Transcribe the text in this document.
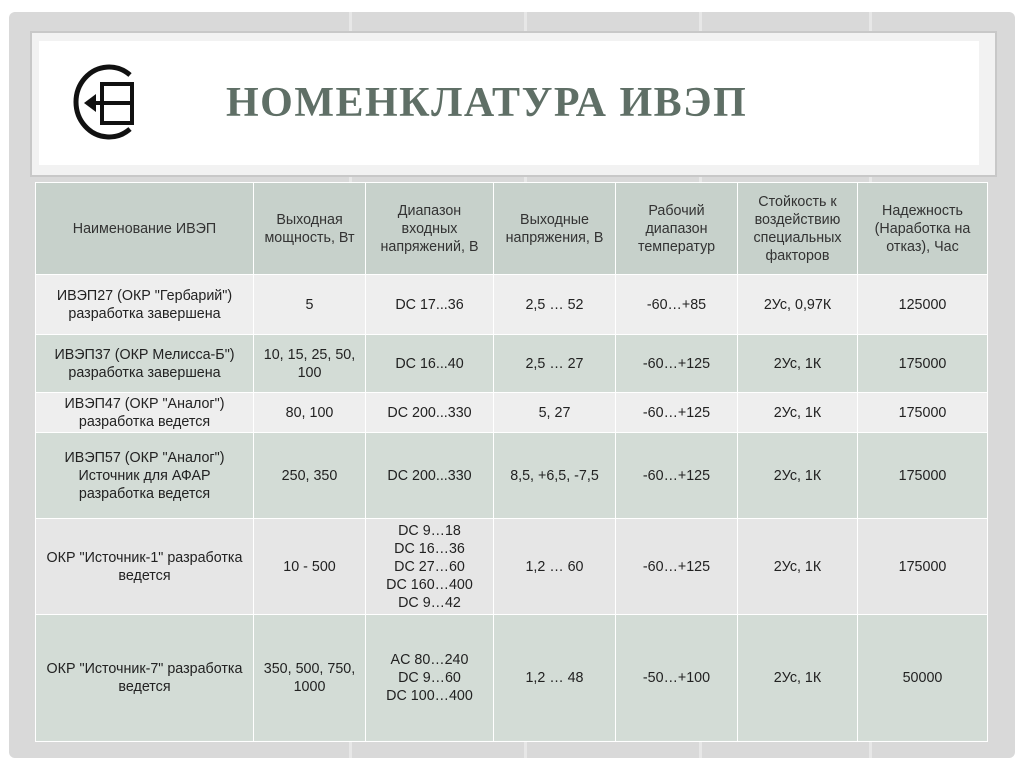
НОМЕНКЛАТУРА ИВЭП
Наименование ИВЭП	Выходная мощность, Вт	Диапазон входных напряжений, В	Выходные напряжения, В	Рабочий диапазон температур	Стойкость к воздействию специальных факторов	Надежность (Наработка на отказ), Час
ИВЭП27 (ОКР "Гербарий") разработка завершена	5	DC 17...36	2,5 … 52	-60…+85	2Ус, 0,97К	125000
ИВЭП37 (ОКР Мелисса-Б") разработка завершена	10, 15, 25, 50, 100	DC 16...40	2,5 … 27	-60…+125	2Ус, 1К	175000
ИВЭП47 (ОКР "Аналог") разработка ведется	80, 100	DC 200...330	5, 27	-60…+125	2Ус, 1К	175000
ИВЭП57 (ОКР "Аналог") Источник для АФАР разработка ведется	250, 350	DC 200...330	8,5, +6,5, -7,5	-60…+125	2Ус, 1К	175000
ОКР "Источник-1" разработка ведется	10 - 500	DC 9…18
DC 16…36
DC 27…60
DC 160…400
DC 9…42	1,2 … 60	-60…+125	2Ус, 1К	175000
ОКР "Источник-7" разработка ведется	350, 500, 750, 1000	AC 80…240
DC 9…60
DC 100…400	1,2 … 48	-50…+100	2Ус, 1К	50000
